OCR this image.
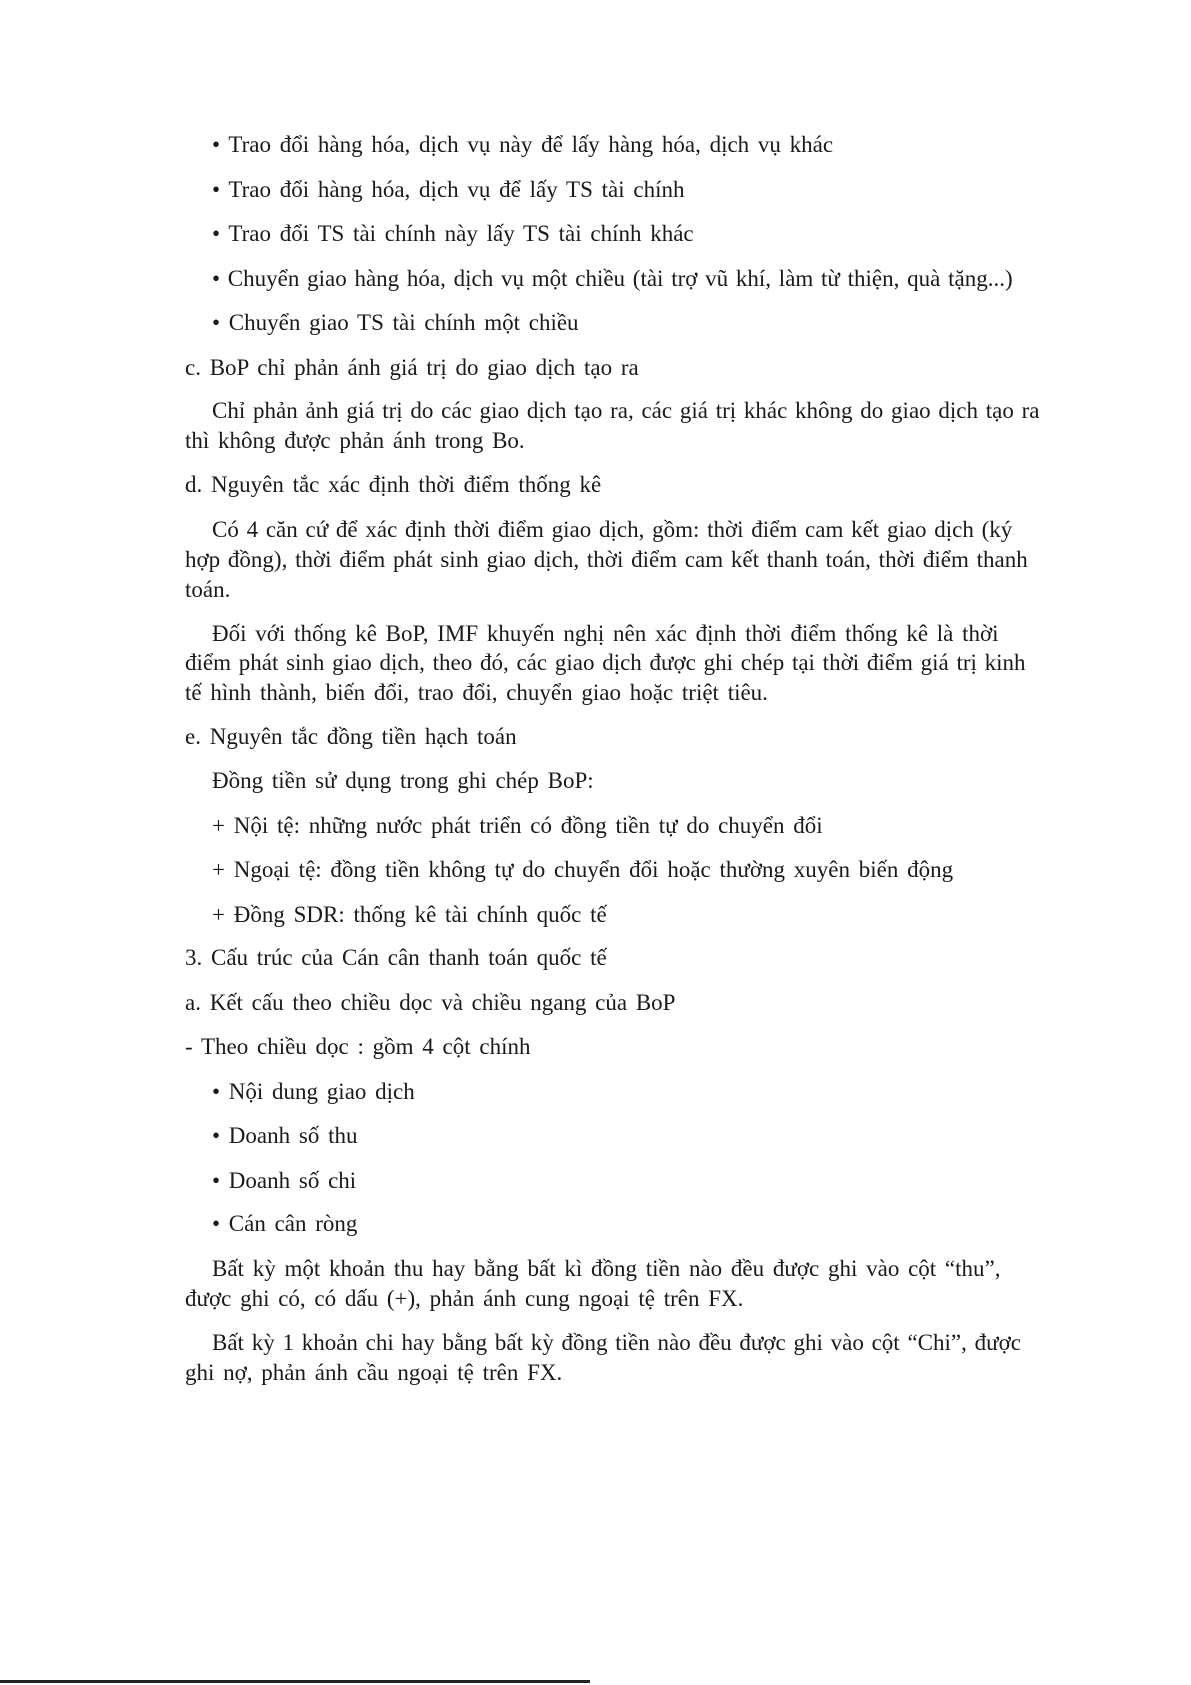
• Trao đổi hàng hóa, dịch vụ này để lấy hàng hóa, dịch vụ khác
• Trao đổi hàng hóa, dịch vụ để lấy TS tài chính
• Trao đổi TS tài chính này lấy TS tài chính khác
• Chuyển giao hàng hóa, dịch vụ một chiều (tài trợ vũ khí, làm từ thiện, quà tặng...)
• Chuyển giao TS tài chính một chiều
c. BoP chỉ phản ánh giá trị do giao dịch tạo ra
Chỉ phản ảnh giá trị do các giao dịch tạo ra, các giá trị khác không do giao dịch tạo ra
thì không được phản ánh trong Bo.
d. Nguyên tắc xác định thời điểm thống kê
Có 4 căn cứ để xác định thời điểm giao dịch, gồm: thời điểm cam kết giao dịch (ký
hợp đồng), thời điểm phát sinh giao dịch, thời điểm cam kết thanh toán, thời điểm thanh
toán.
Đối với thống kê BoP, IMF khuyến nghị nên xác định thời điểm thống kê là thời
điểm phát sinh giao dịch, theo đó, các giao dịch được ghi chép tại thời điểm giá trị kinh
tế hình thành, biến đổi, trao đổi, chuyển giao hoặc triệt tiêu.
e. Nguyên tắc đồng tiền hạch toán
Đồng tiền sử dụng trong ghi chép BoP:
+ Nội tệ: những nước phát triển có đồng tiền tự do chuyển đổi
+ Ngoại tệ: đồng tiền không tự do chuyển đổi hoặc thường xuyên biến động
+ Đồng SDR: thống kê tài chính quốc tế
3. Cấu trúc của Cán cân thanh toán quốc tế
a. Kết cấu theo chiều dọc và chiều ngang của BoP
- Theo chiều dọc : gồm 4 cột chính
• Nội dung giao dịch
• Doanh số thu
• Doanh số chi
• Cán cân ròng
Bất kỳ một khoản thu hay bằng bất kì đồng tiền nào đều được ghi vào cột “thu”,
được ghi có, có dấu (+), phản ánh cung ngoại tệ trên FX.
Bất kỳ 1 khoản chi hay bằng bất kỳ đồng tiền nào đều được ghi vào cột “Chi”, được
ghi nợ, phản ánh cầu ngoại tệ trên FX.
